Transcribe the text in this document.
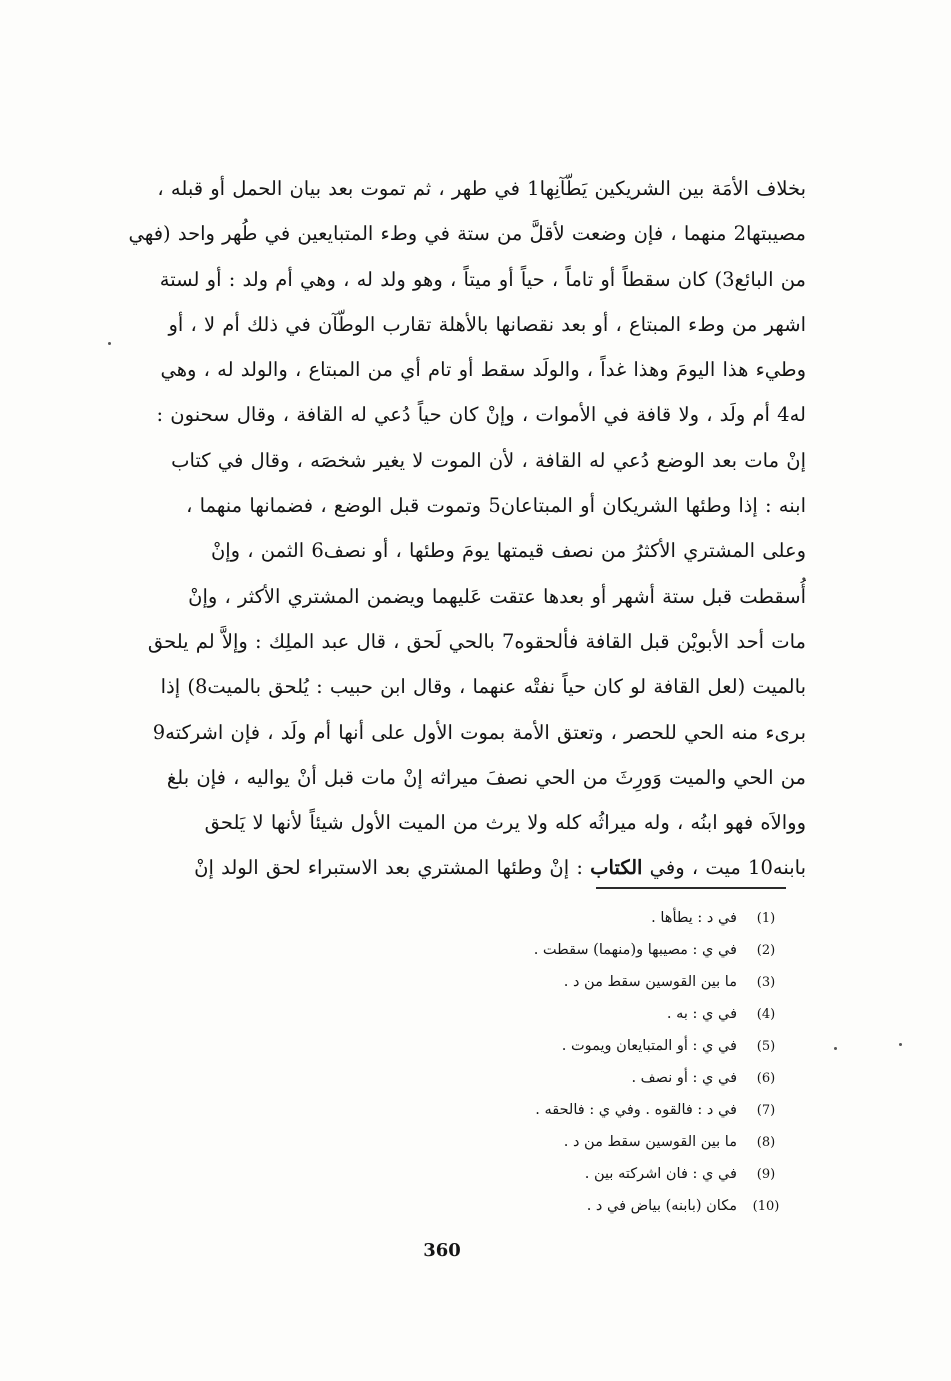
بخلاف الأمَة بين الشريكين يَطّآنِها1 في طهر ، ثم تموت بعد بيان الحمل أو قبله ،
مصيبتها2 منهما ، فإن وضعت لأقلَّ من ستة في وطء المتبايعين في طُهر واحد (فهي
من البائع3) كان سقطاً أو تاماً ، حياً أو ميتاً ، وهو ولد له ، وهي أم ولد : أو لستة
اشهر من وطء المبتاع ، أو بعد نقصانها بالأهلة تقارب الوطّآن في ذلك أم لا ، أو
وطيء هذا اليومَ وهذا غداً ، والولَد سقط أو تام أي من المبتاع ، والولد له ، وهي
له4 أم ولَد ، ولا قافة في الأموات ، وإنْ كان حياً دُعي له القافة ، وقال سحنون :
إنْ مات بعد الوضع دُعي له القافة ، لأن الموت لا يغير شخصَه ، وقال في كتاب
ابنه : إذا وطئها الشريكان أو المبتاعان5 وتموت قبل الوضع ، فضمانها منهما ،
وعلى المشتري الأكثرُ من نصف قيمتها يومَ وطئها ، أو نصف6 الثمن ، وإنْ
أُسقطت قبل ستة أشهر أو بعدها عتقت عَليهما ويضمن المشتري الأكثر ، وإنْ
مات أحد الأبويْن قبل القافة فألحقوه7 بالحي لَحق ، قال عبد الملِك : وإلاَّ لم يلحق
بالميت (لعل القافة لو كان حياً نفتْه عنهما ، وقال ابن حبيب : يُلحق بالميت8) إذا
برىء منه الحي للحصر ، وتعتق الأمة بموت الأول على أنها أم ولَد ، فإن اشركته9
من الحي والميت وَورِثَ من الحي نصفَ ميراثه إنْ مات قبل أنْ يواليه ، فإن بلغ
ووالاَه فهو ابنُه ، وله ميراثُه كله ولا يرث من الميت الأول شيئاً لأنها لا يَلحق
بابنه10 ميت ، وفي الكتاب : إنْ وطئها المشتري بعد الاستبراء لحق الولد إنْ
(1)في د : يطأها .
(2)في ي : مصيبها و(منهما) سقطت .
(3)ما بين القوسين سقط من د .
(4)في ي : به .
(5)في ي : أو المتبايعان ويموت .
(6)في ي : أو نصف .
(7)في د : فالقوه . وفي ي : فالحقه .
(8)ما بين القوسين سقط من د .
(9)في ي : فان اشركته بين .
(10)مكان (بابنه) بياض في د .
360
